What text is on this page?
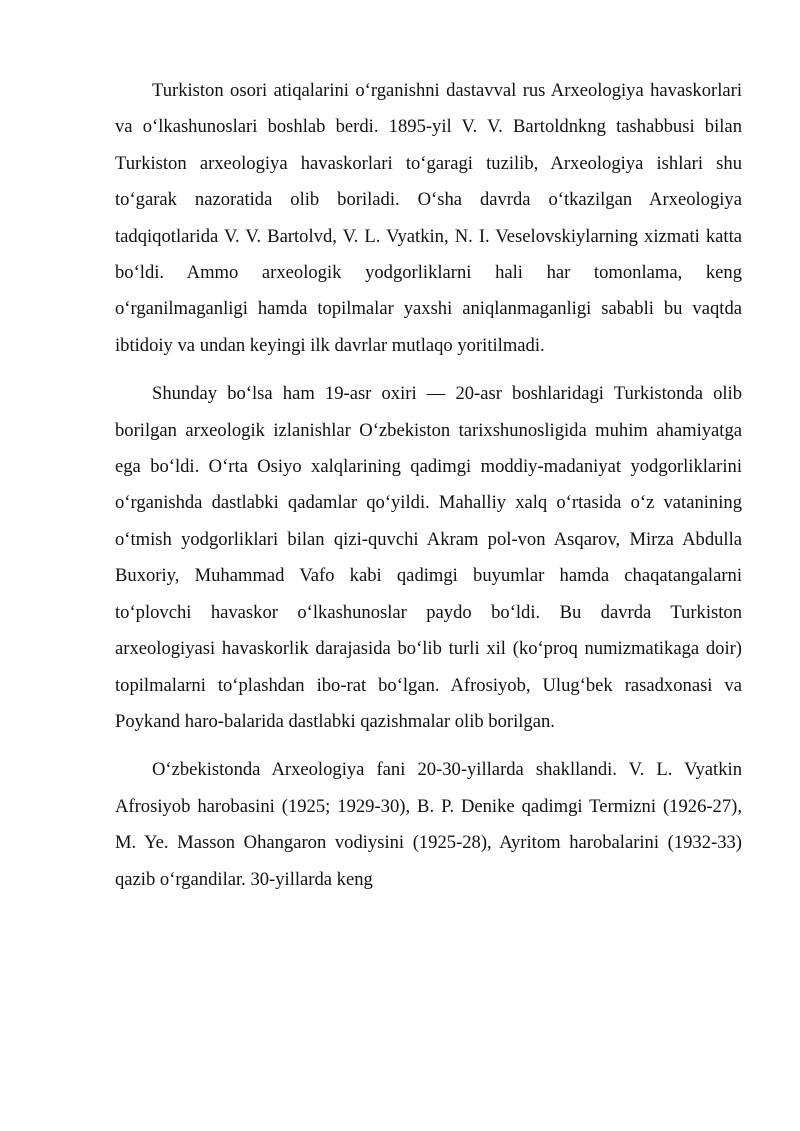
Turkiston osori atiqalarini o‘rganishni dastavval rus Arxeologiya havaskorlari va o‘lkashunoslari boshlab berdi. 1895-yil V. V. Bartoldnkng tashabbusi bilan Turkiston arxeologiya havaskorlari to‘garagi tuzilib, Arxeologiya ishlari shu to‘garak nazoratida olib boriladi. O‘sha davrda o‘tkazilgan Arxeologiya tadqiqotlarida V. V. Bartolvd, V. L. Vyatkin, N. I. Veselovskiylarning xizmati katta bo‘ldi. Ammo arxeologik yodgorliklarni hali har tomonlama, keng o‘rganilmaganligi hamda topilmalar yaxshi aniqlanmaganligi sababli bu vaqtda ibtidoiy va undan keyingi ilk davrlar mutlaqo yoritilmadi.

Shunday bo‘lsa ham 19-asr oxiri — 20-asr boshlaridagi Turkistonda olib borilgan arxeologik izlanishlar O‘zbekiston tarixshunosligida muhim ahamiyatga ega bo‘ldi. O‘rta Osiyo xalqlarining qadimgi moddiy-madaniyat yodgorliklarini o‘rganishda dastlabki qadamlar qo‘yildi. Mahalliy xalq o‘rtasida o‘z vatanining o‘tmish yodgorliklari bilan qizi-quvchi Akram pol-von Asqarov, Mirza Abdulla Buxoriy, Muhammad Vafo kabi qadimgi buyumlar hamda chaqatangalarni to‘plovchi havaskor o‘lkashunoslar paydo bo‘ldi. Bu davrda Turkiston arxeologiyasi havaskorlik darajasida bo‘lib turli xil (ko‘proq numizmatikaga doir) topilmalarni to‘plashdan ibo-rat bo‘lgan. Afrosiyob, Ulug‘bek rasadxonasi va Poykand haro-balarida dastlabki qazishmalar olib borilgan.

O‘zbekistonda Arxeologiya fani 20-30-yillarda shakllandi. V. L. Vyatkin Afrosiyob harobasini (1925; 1929-30), B. P. Denike qadimgi Termizni (1926-27), M. Ye. Masson Ohangaron vodiysini (1925-28), Ayritom harobalarini (1932-33) qazib o‘rgandilar. 30-yillarda keng
